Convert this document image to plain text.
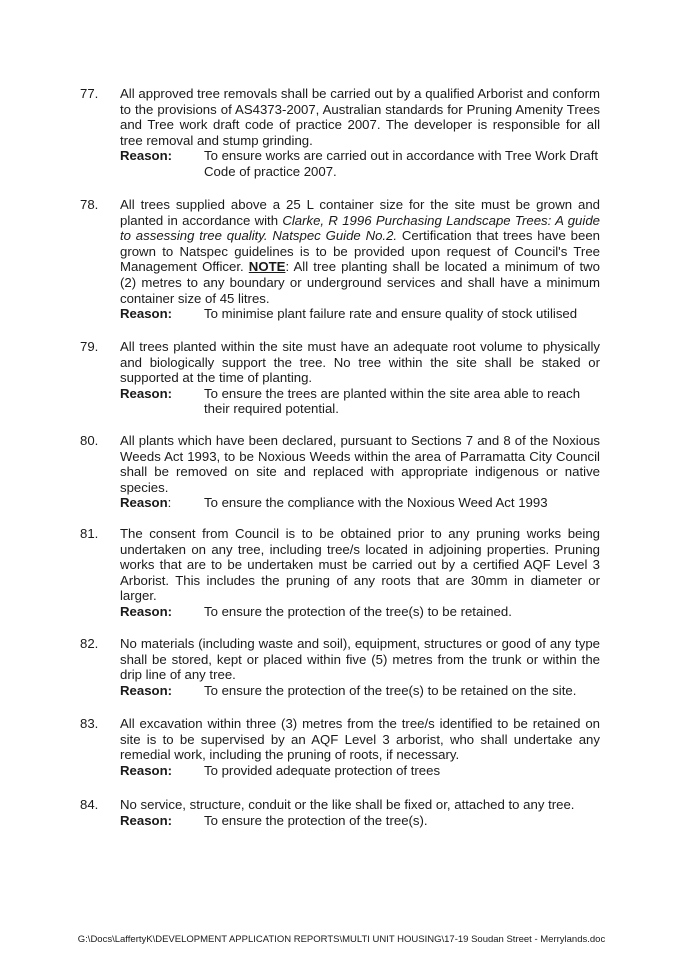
77.	All approved tree removals shall be carried out by a qualified Arborist and conform to the provisions of AS4373-2007, Australian standards for Pruning Amenity Trees and Tree work draft code of practice 2007. The developer is responsible for all tree removal and stump grinding.
Reason:	To ensure works are carried out in accordance with Tree Work Draft Code of practice 2007.
78.	All trees supplied above a 25 L container size for the site must be grown and planted in accordance with Clarke, R 1996 Purchasing Landscape Trees: A guide to assessing tree quality. Natspec Guide No.2. Certification that trees have been grown to Natspec guidelines is to be provided upon request of Council's Tree Management Officer. NOTE: All tree planting shall be located a minimum of two (2) metres to any boundary or underground services and shall have a minimum container size of 45 litres.
Reason:	To minimise plant failure rate and ensure quality of stock utilised
79.	All trees planted within the site must have an adequate root volume to physically and biologically support the tree. No tree within the site shall be staked or supported at the time of planting.
Reason:	To ensure the trees are planted within the site area able to reach their required potential.
80.	All plants which have been declared, pursuant to Sections 7 and 8 of the Noxious Weeds Act 1993, to be Noxious Weeds within the area of Parramatta City Council shall be removed on site and replaced with appropriate indigenous or native species.
Reason:	To ensure the compliance with the Noxious Weed Act 1993
81.	The consent from Council is to be obtained prior to any pruning works being undertaken on any tree, including tree/s located in adjoining properties. Pruning works that are to be undertaken must be carried out by a certified AQF Level 3 Arborist. This includes the pruning of any roots that are 30mm in diameter or larger.
Reason:	To ensure the protection of the tree(s) to be retained.
82.	No materials (including waste and soil), equipment, structures or good of any type shall be stored, kept or placed within five (5) metres from the trunk or within the drip line of any tree.
Reason:	To ensure the protection of the tree(s) to be retained on the site.
83.	All excavation within three (3) metres from the tree/s identified to be retained on site is to be supervised by an AQF Level 3 arborist, who shall undertake any remedial work, including the pruning of roots, if necessary.
Reason:	To provided adequate protection of trees
84.	No service, structure, conduit or the like shall be fixed or, attached to any tree.
Reason:	To ensure the protection of the tree(s).
G:\Docs\LaffertyK\DEVELOPMENT APPLICATION REPORTS\MULTI UNIT HOUSING\17-19 Soudan Street - Merrylands.doc
